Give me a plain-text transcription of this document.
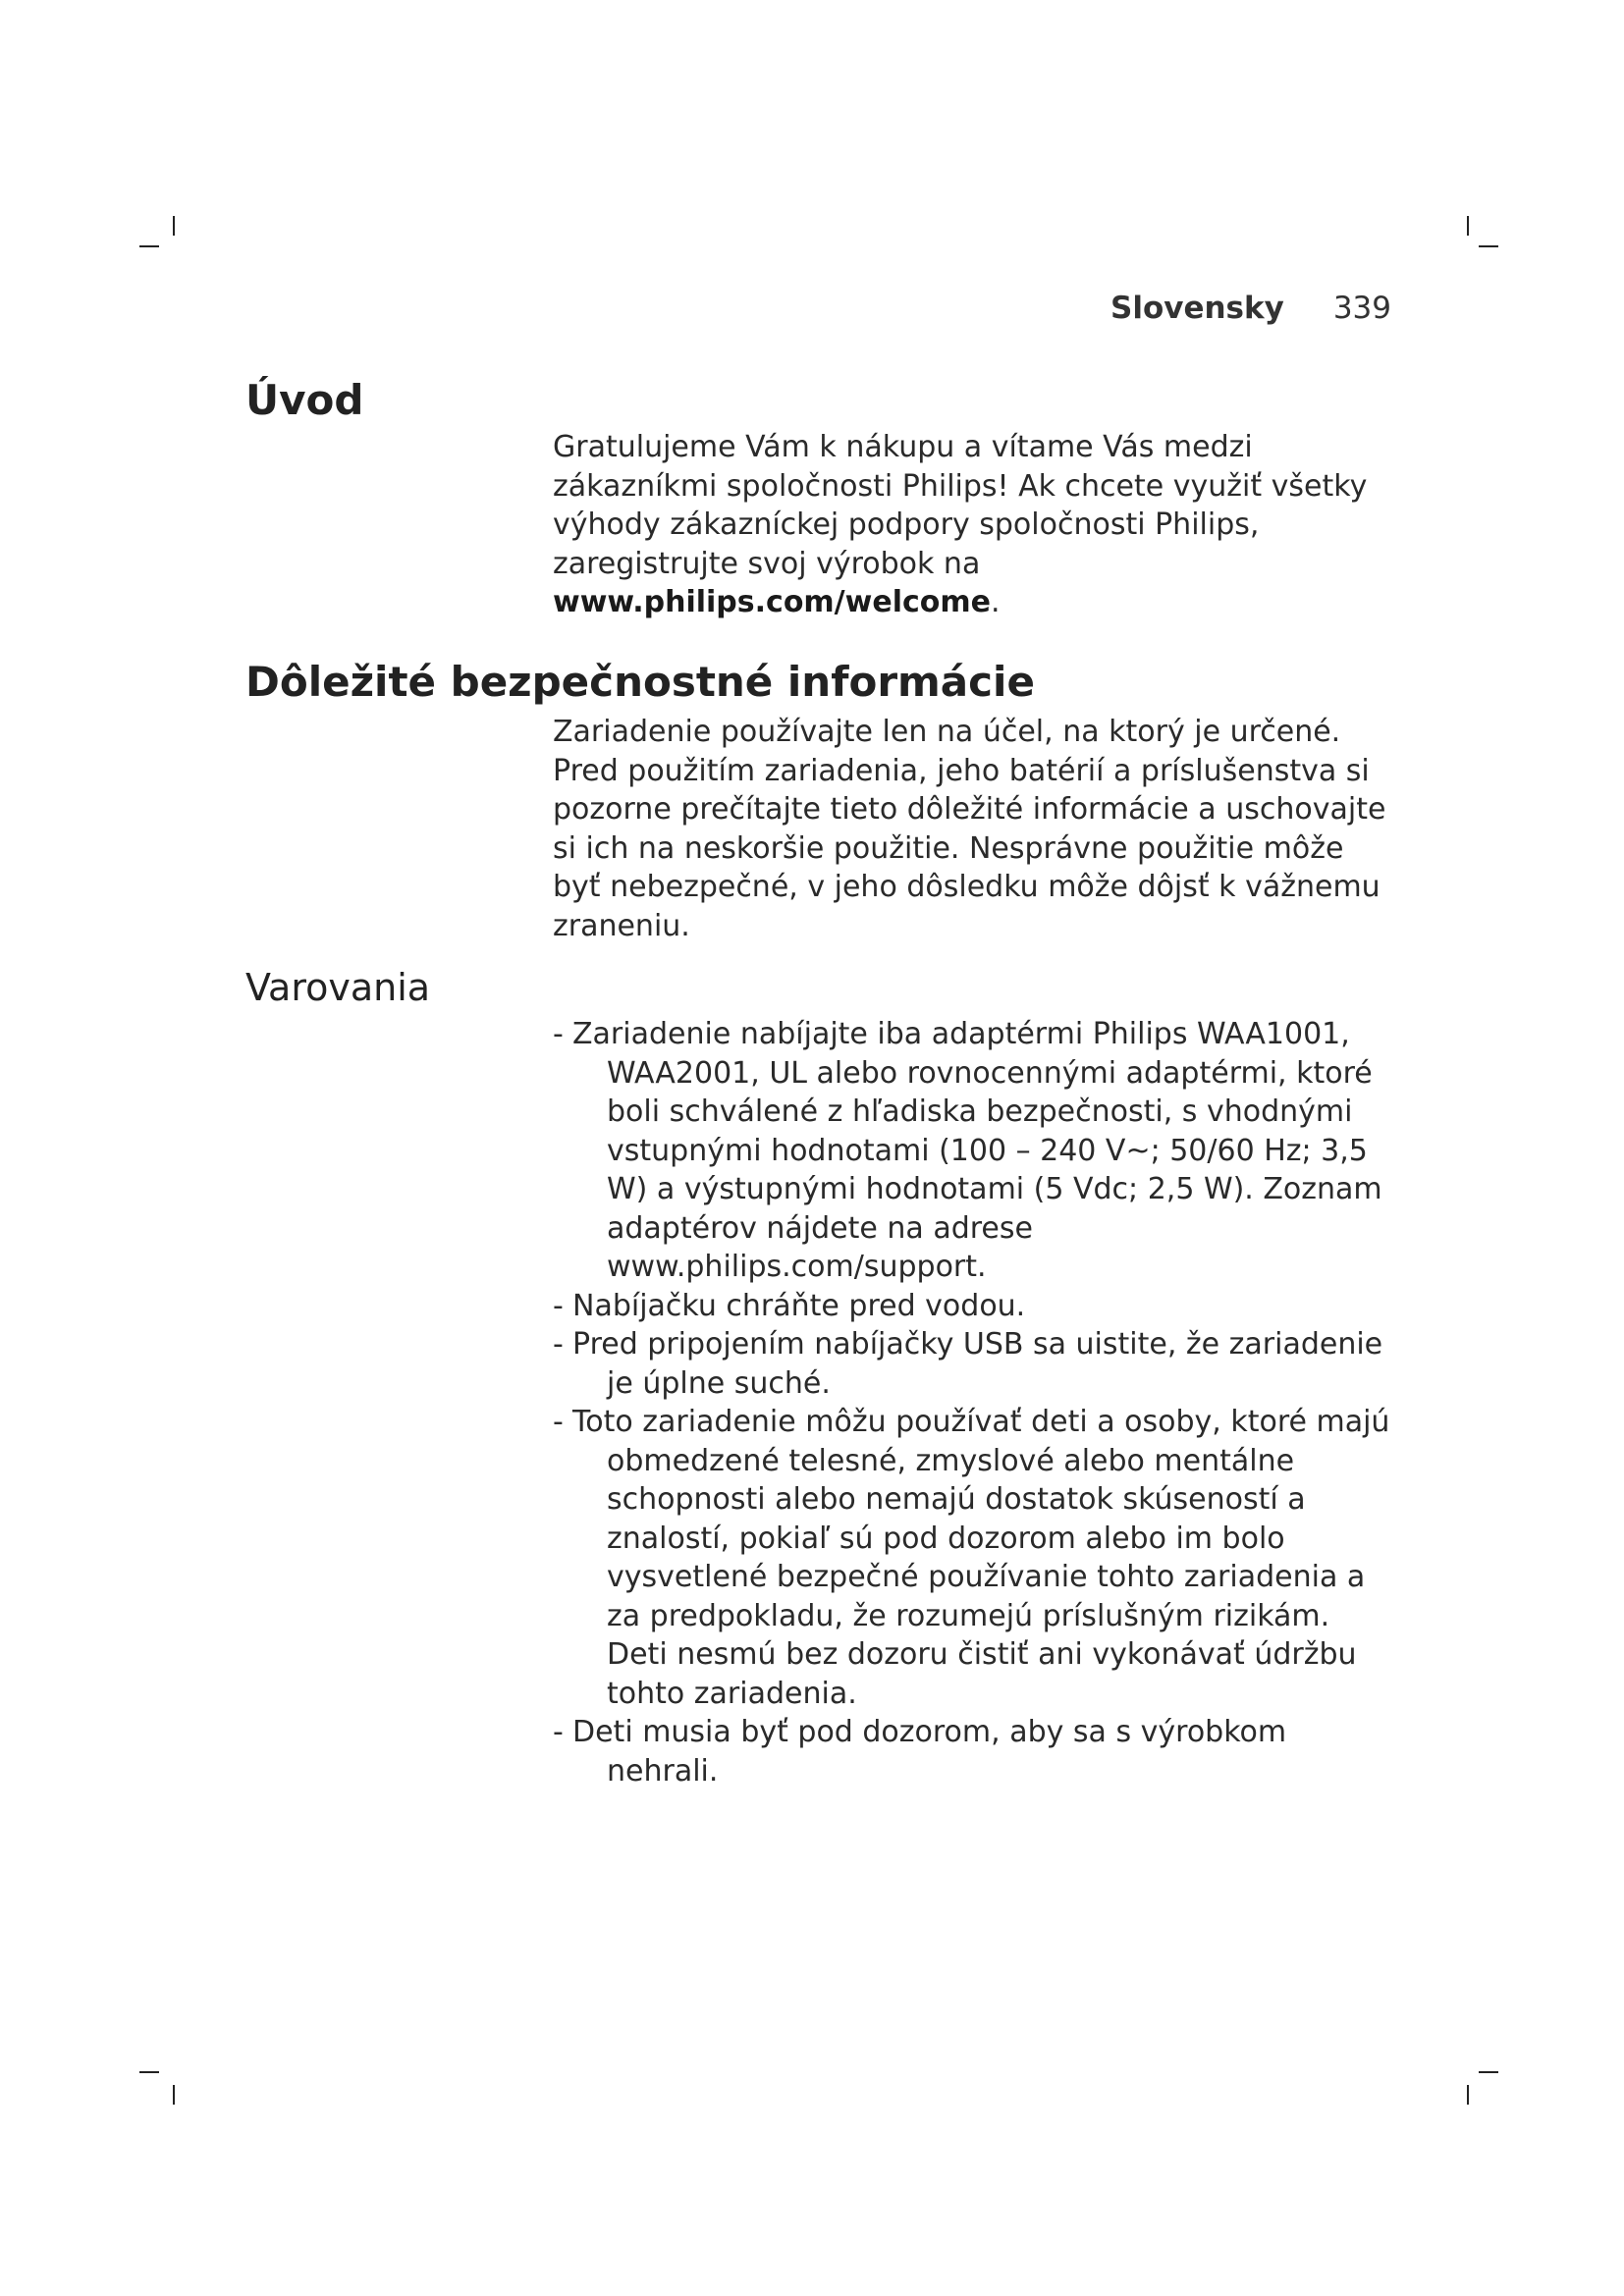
Slovensky 339
Úvod

Gratulujeme Vám k nákupu a vítame Vás medzi zákazníkmi spoločnosti Philips! Ak chcete využiť všetky výhody zákazníckej podpory spoločnosti Philips, zaregistrujte svoj výrobok na www.philips.com/welcome.

Dôležité bezpečnostné informácie

Zariadenie používajte len na účel, na ktorý je určené. Pred použitím zariadenia, jeho batérií a príslušenstva si pozorne prečítajte tieto dôležité informácie a uschovajte si ich na neskoršie použitie. Nesprávne použitie môže byť nebezpečné, v jeho dôsledku môže dôjsť k vážnemu zraneniu.

Varovania
- Zariadenie nabíjajte iba adaptérmi Philips WAA1001, WAA2001, UL alebo rovnocennými adaptérmi, ktoré boli schválené z hľadiska bezpečnosti, s vhodnými vstupnými hodnotami (100 – 240 V~; 50/60 Hz; 3,5 W) a výstupnými hodnotami (5 Vdc; 2,5 W). Zoznam adaptérov nájdete na adrese www.philips.com/support.
- Nabíjačku chráňte pred vodou.
- Pred pripojením nabíjačky USB sa uistite, že zariadenie je úplne suché.
- Toto zariadenie môžu používať deti a osoby, ktoré majú obmedzené telesné, zmyslové alebo mentálne schopnosti alebo nemajú dostatok skúseností a znalostí, pokiaľ sú pod dozorom alebo im bolo vysvetlené bezpečné používanie tohto zariadenia a za predpokladu, že rozumejú príslušným rizikám. Deti nesmú bez dozoru čistiť ani vykonávať údržbu tohto zariadenia.
- Deti musia byť pod dozorom, aby sa s výrobkom nehrali.
